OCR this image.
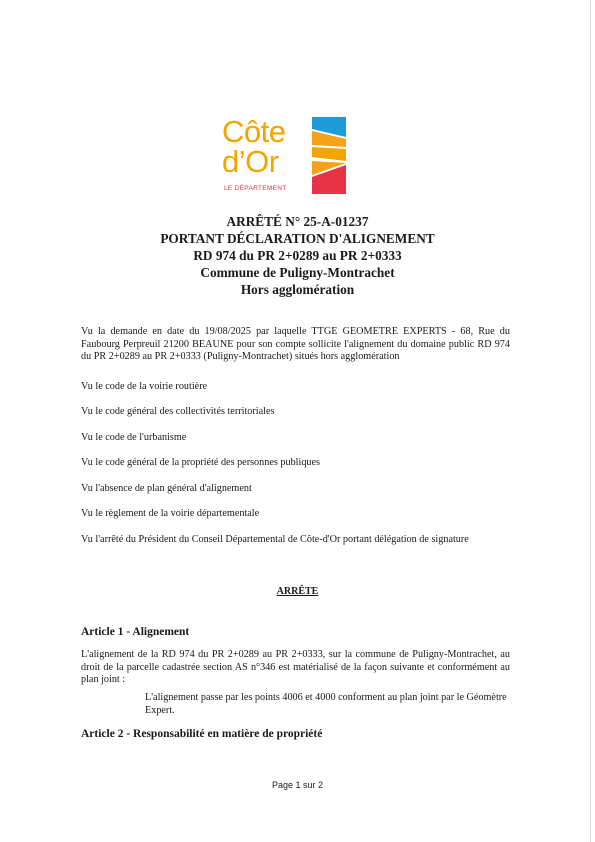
Côte
d’Or
LE DÉPARTEMENT
ARRÊTÉ N° 25-A-01237
PORTANT DÉCLARATION D'ALIGNEMENT
RD 974 du PR 2+0289 au PR 2+0333
Commune de Puligny-Montrachet
Hors agglomération
Vu la demande en date du 19/08/2025 par laquelle TTGE GEOMETRE EXPERTS - 68, Rue du Faubourg Perpreuil 21200 BEAUNE pour son compte sollicite l'alignement du domaine public RD 974 du PR 2+0289 au PR 2+0333 (Puligny-Montrachet) situés hors agglomération
Vu le code de la voirie routière
Vu le code général des collectivités territoriales
Vu le code de l'urbanisme
Vu le code général de la propriété des personnes publiques
Vu l'absence de plan général d'alignement
Vu le règlement de la voirie départementale
Vu l'arrêté du Président du Conseil Départemental de Côte-d'Or portant délégation de signature
ARRÊTE
Article 1 - Alignement
L'alignement de la RD 974 du PR 2+0289 au PR 2+0333, sur la commune de Puligny-Montrachet, au droit de la parcelle cadastrée section AS n°346 est matérialisé de la façon suivante et conformément au plan joint :
L'alignement passe par les points 4006 et 4000 conforment au plan joint par le Géomètre Expert.
Article 2 - Responsabilité en matière de propriété
Page 1 sur 2
